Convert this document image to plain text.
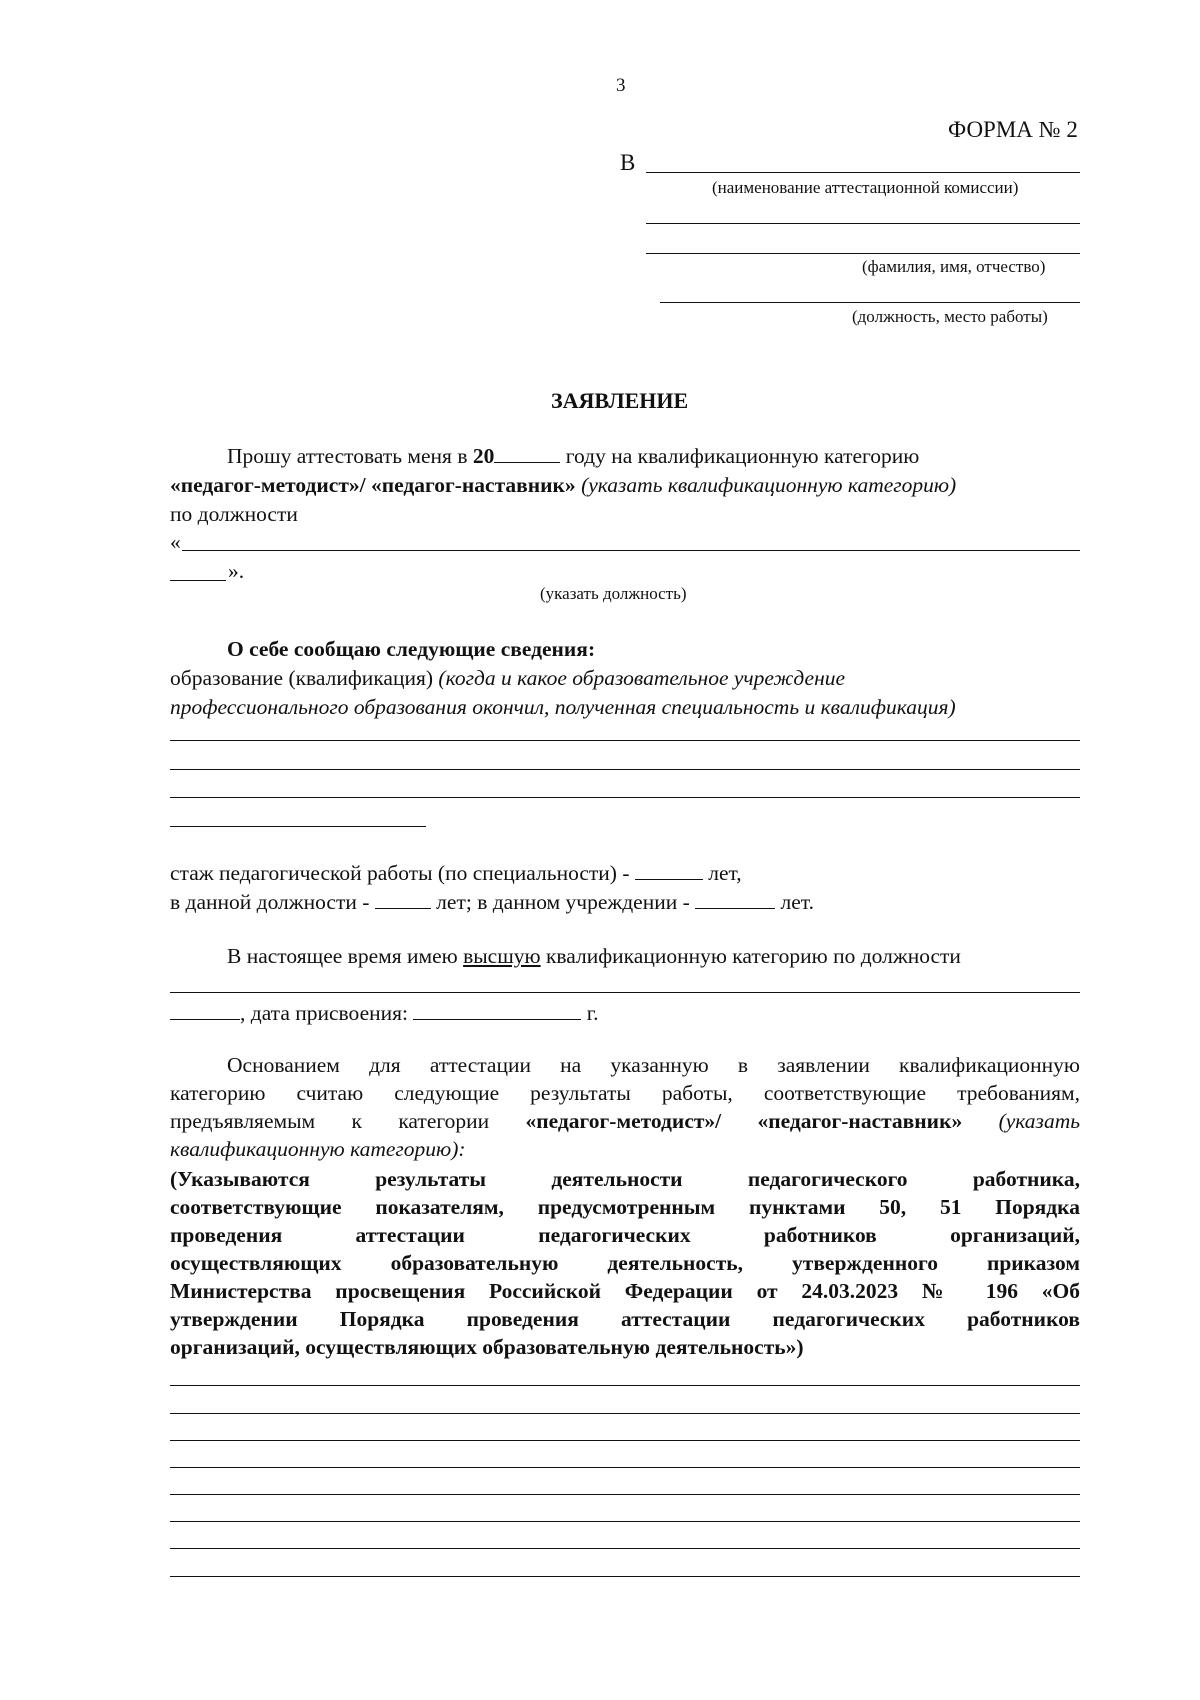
3
ФОРМА № 2
В
(наименование аттестационной комиссии)
(фамилия, имя, отчество)
(должность, место работы)
ЗАЯВЛЕНИЕ
Прошу аттестовать меня в 20	году на квалификационную категорию
«педагог-методист»/ «педагог-наставник» (указать квалификационную категорию)
по должности
«
».
(указать должность)
О себе сообщаю следующие сведения:
образование (квалификация) (когда и какое образовательное учреждение
профессионального образования окончил, полученная специальность и квалификация)
стаж педагогической работы (по специальности) -	лет,
в данной должности -	лет; в данном учреждении -	лет.
В настоящее время имею высшую квалификационную категорию по должности
, дата присвоения:	г.
Основанием для аттестации на указанную в заявлении квалификационную
категорию считаю следующие результаты работы, соответствующие требованиям,
предъявляемым к категории «педагог-методист»/ «педагог-наставник» (указать
квалификационную категорию):
(Указываются результаты деятельности педагогического работника,
соответствующие показателям, предусмотренным пунктами 50, 51 Порядка
проведения аттестации педагогических работников организаций,
осуществляющих образовательную деятельность, утвержденного приказом
Министерства просвещения Российской Федерации от 24.03.2023 № 196 «Об
утверждении Порядка проведения аттестации педагогических работников
организаций, осуществляющих образовательную деятельность»)
